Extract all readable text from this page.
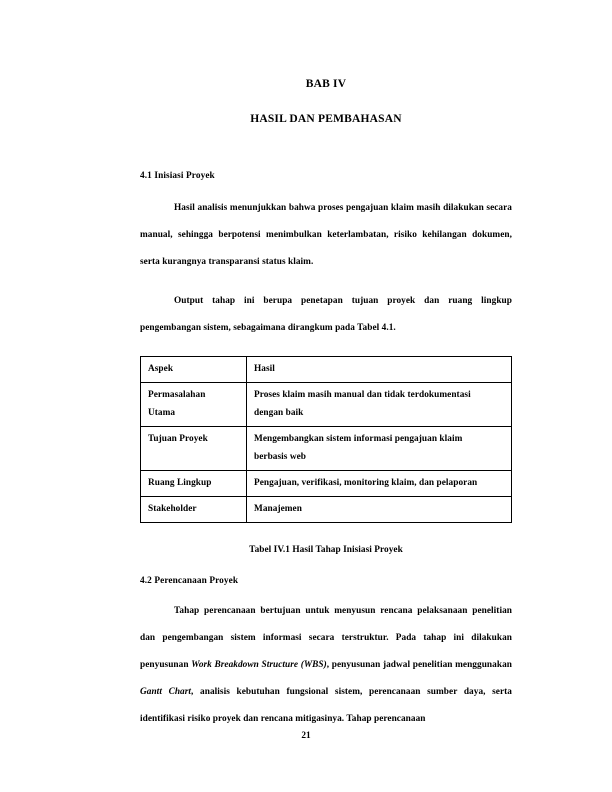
BAB IV
HASIL DAN PEMBAHASAN
4.1 Inisiasi Proyek

Hasil analisis menunjukkan bahwa proses pengajuan klaim masih dilakukan secara manual, sehingga berpotensi menimbulkan keterlambatan, risiko kehilangan dokumen, serta kurangnya transparansi status klaim.

Output tahap ini berupa penetapan tujuan proyek dan ruang lingkup pengembangan sistem, sebagaimana dirangkum pada Tabel 4.1.

Aspek	Hasil

Permasalahan
Utama	Proses klaim masih manual dan tidak terdokumentasi
dengan baik

Tujuan Proyek	Mengembangkan sistem informasi pengajuan klaim
berbasis web

Ruang Lingkup	Pengajuan, verifikasi, monitoring klaim, dan pelaporan

Stakeholder	Manajemen

Tabel IV.1 Hasil Tahap Inisiasi Proyek

4.2 Perencanaan Proyek

Tahap perencanaan bertujuan untuk menyusun rencana pelaksanaan penelitian dan pengembangan sistem informasi secara terstruktur. Pada tahap ini dilakukan penyusunan Work Breakdown Structure (WBS), penyusunan jadwal penelitian menggunakan Gantt Chart, analisis kebutuhan fungsional sistem, perencanaan sumber daya, serta identifikasi risiko proyek dan rencana mitigasinya. Tahap perencanaan

21
